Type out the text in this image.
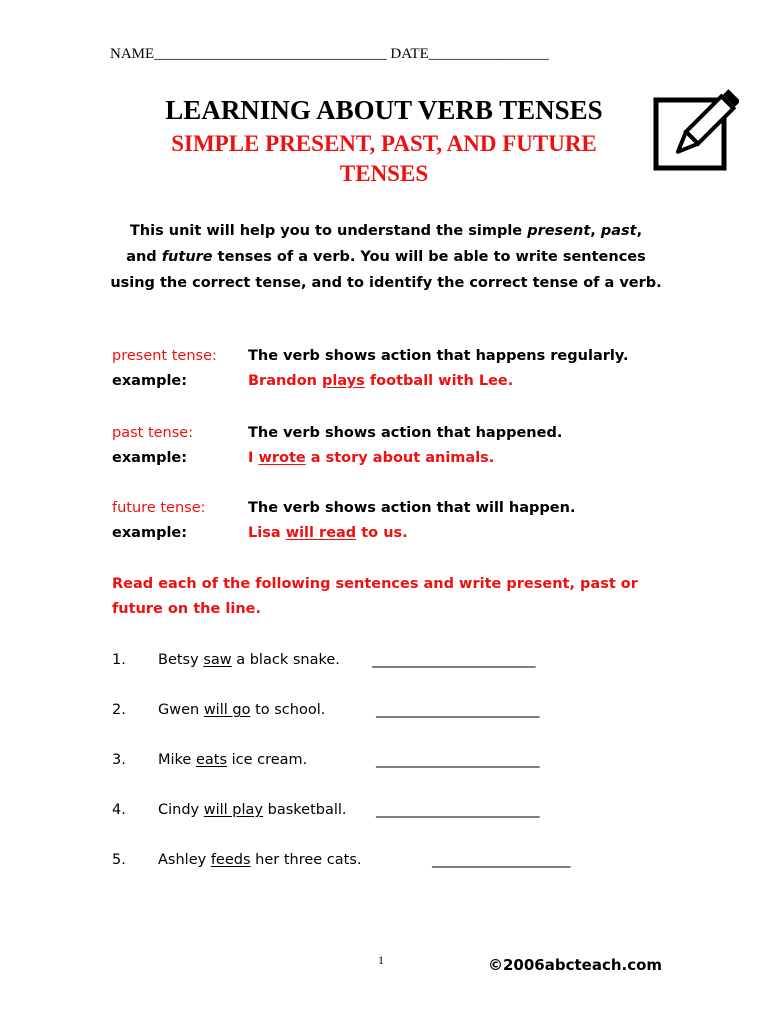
NAME_______________________________ DATE________________
LEARNING ABOUT VERB TENSES
SIMPLE PRESENT, PAST, AND FUTURE
TENSES
This unit will help you to understand the simple present, past,
and future tenses of a verb. You will be able to write sentences using the correct tense, and to identify the correct tense of a verb.
present tense:	The verb shows action that happens regularly.
example:	Brandon plays football with Lee.
past tense:	The verb shows action that happened.
example:	I wrote a story about animals.
future tense:	The verb shows action that will happen.
example:	Lisa will read to us.
Read each of the following sentences and write present, past or future on the line.
1. Betsy saw a black snake. __________________________
2. Gwen will go to school.	__________________________
3. Mike eats ice cream.	__________________________
4. Cindy will play basketball. __________________________
5. Ashley feeds her three cats.	______________________
1	©2006abcteach.com
